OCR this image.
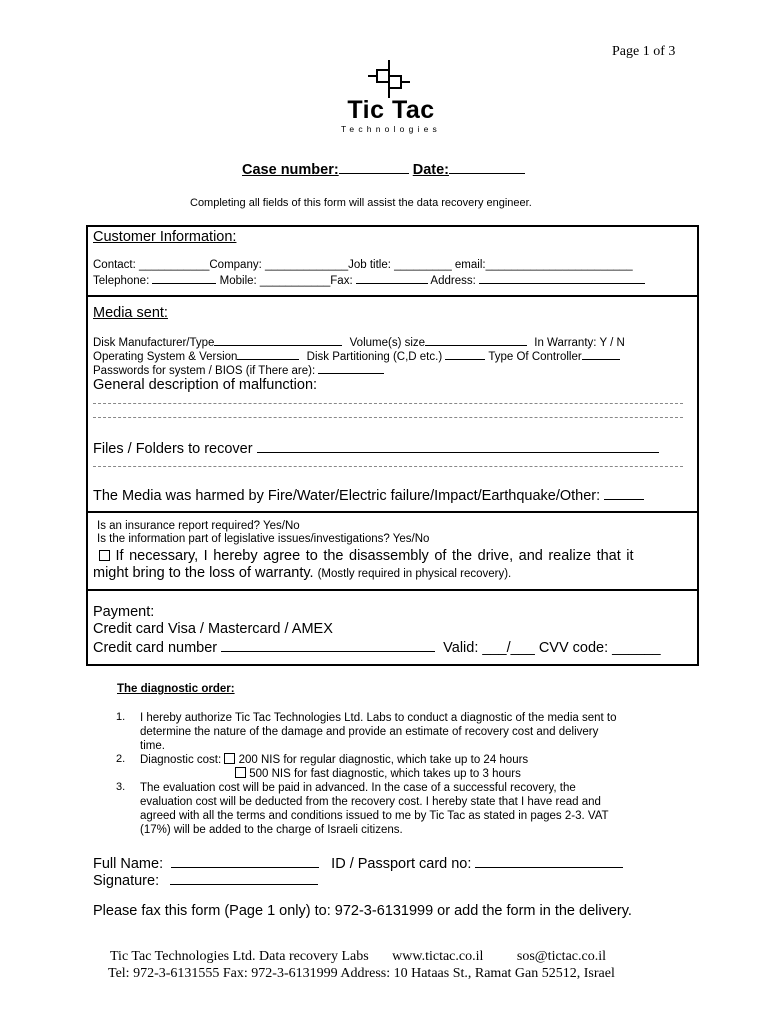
Page 1 of 3
Tic Tac
Technologies
Case number:	Date:
Completing all fields of this form will assist the data recovery engineer.
Customer Information:
Contact: ___________Company: _____________Job title: _________ email:_______________________
Telephone:	Mobile: ___________Fax:	Address:
Media sent:
Disk Manufacturer/Type	Volume(s) size	In Warranty: Y / N
Operating System & Version	Disk Partitioning (C,D etc.)	Type Of Controller
Passwords for system / BIOS (if There are):
General description of malfunction:
Files / Folders to recover
The Media was harmed by Fire/Water/Electric failure/Impact/Earthquake/Other:
Is an insurance report required? Yes/No
Is the information part of legislative issues/investigations? Yes/No
If necessary, I hereby agree to the disassembly of the drive, and realize that it
might bring to the loss of warranty. (Mostly required in physical recovery).
Payment:
Credit card Visa / Mastercard / AMEX
Credit card number	Valid: ___/___ CVV code: ______
The diagnostic order:
1. I hereby authorize Tic Tac Technologies Ltd. Labs to conduct a diagnostic of the media sent to
determine the nature of the damage and provide an estimate of recovery cost and delivery
time.
2. Diagnostic cost: 200 NIS for regular diagnostic, which take up to 24 hours
500 NIS for fast diagnostic, which takes up to 3 hours
3. The evaluation cost will be paid in advanced. In the case of a successful recovery, the
evaluation cost will be deducted from the recovery cost. I hereby state that I have read and
agreed with all the terms and conditions issued to me by Tic Tac as stated in pages 2-3. VAT
(17%) will be added to the charge of Israeli citizens.
Full Name:	ID / Passport card no:
Signature:
Please fax this form (Page 1 only) to: 972-3-6131999 or add the form in the delivery.
Tic Tac Technologies Ltd. Data recovery Labs www.tictac.co.il sos@tictac.co.il
Tel: 972-3-6131555 Fax: 972-3-6131999 Address: 10 Hataas St., Ramat Gan 52512, Israel
